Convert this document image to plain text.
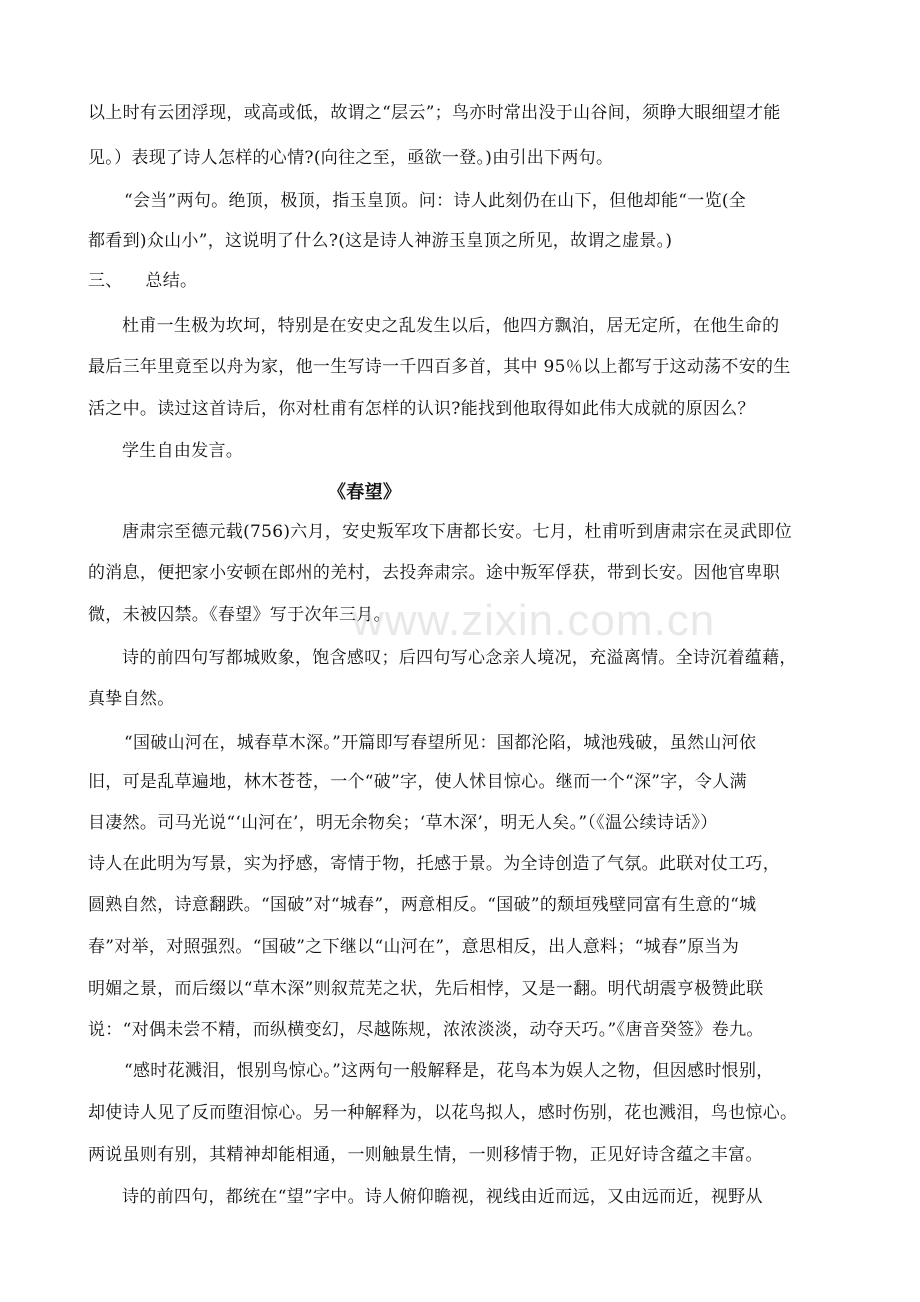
以上时有云团浮现，或高或低，故谓之“层云”；鸟亦时常出没于山谷间，须睁大眼细望才能
见。）表现了诗人怎样的心情?(向往之至，亟欲一登。)由引出下两句。
“会当”两句。绝顶，极顶，指玉皇顶。问：诗人此刻仍在山下，但他却能“一览(全
都看到)众山小”，这说明了什么?(这是诗人神游玉皇顶之所见，故谓之虚景。)
三、    总结。
杜甫一生极为坎坷，特别是在安史之乱发生以后，他四方飘泊，居无定所，在他生命的
最后三年里竟至以舟为家，他一生写诗一千四百多首，其中 95％以上都写于这动荡不安的生
活之中。读过这首诗后，你对杜甫有怎样的认识?能找到他取得如此伟大成就的原因么？
学生自由发言。
《春望》
唐肃宗至德元载(756)六月，安史叛军攻下唐都长安。七月，杜甫听到唐肃宗在灵武即位
的消息，便把家小安顿在郎州的羌村，去投奔肃宗。途中叛军俘获，带到长安。因他官卑职
微，未被囚禁。《春望》写于次年三月。
诗的前四句写都城败象，饱含感叹；后四句写心念亲人境况，充溢离情。全诗沉着蕴藉，
真挚自然。
“国破山河在，城春草木深。”开篇即写春望所见：国都沦陷，城池残破，虽然山河依
旧，可是乱草遍地，林木苍苍，一个“破”字，使人怵目惊心。继而一个“深”字，令人满
目凄然。司马光说“‘山河在’，明无余物矣；‘草木深’，明无人矣。”（《温公续诗话》）
诗人在此明为写景，实为抒感，寄情于物，托感于景。为全诗创造了气氛。此联对仗工巧，
圆熟自然，诗意翻跌。“国破”对“城春”，两意相反。“国破”的颓垣残壁同富有生意的“城
春”对举，对照强烈。“国破”之下继以“山河在”，意思相反，出人意料；“城春”原当为
明媚之景，而后缀以“草木深”则叙荒芜之状，先后相悖，又是一翻。明代胡震亨极赞此联
说：“对偶未尝不精，而纵横变幻，尽越陈规，浓浓淡淡，动夺天巧。”《唐音癸签》卷九。
“感时花溅泪，恨别鸟惊心。”这两句一般解释是，花鸟本为娱人之物，但因感时恨别，
却使诗人见了反而堕泪惊心。另一种解释为，以花鸟拟人，感时伤别，花也溅泪，鸟也惊心。
两说虽则有别，其精神却能相通，一则触景生情，一则移情于物，正见好诗含蕴之丰富。
诗的前四句，都统在“望”字中。诗人俯仰瞻视，视线由近而远，又由远而近，视野从
www.zixin.com.cn
